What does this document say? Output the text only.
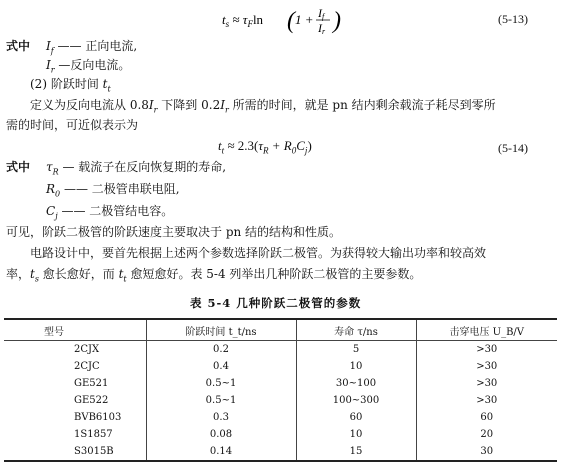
$t_s \approx \tau_F\ln$ ( 1 + If
Ir )	(5-13)
式中 $I_f$ —— 正向电流,
$I_r$ —反向电流。
(2) 阶跃时间 $t_t$
定义为反向电流从 $0.8I_r$ 下降到 $0.2I_r$ 所需的时间，就是 pn 结内剩余载流子耗尽到零所
需的时间，可近似表示为
$t_t \approx 2.3(\tau_R + R_0C_j)$	(5-14)
式中 $\tau_R$ — 载流子在反向恢复期的寿命,
$R_0$ —— 二极管串联电阻,
$C_j$ —— 二极管结电容。
可见，阶跃二极管的阶跃速度主要取决于 pn 结的结构和性质。
电路设计中，要首先根据上述两个参数选择阶跃二极管。为获得较大输出功率和较高效
率，$t_s$ 愈长愈好，而 $t_t$ 愈短愈好。表 5-4 列举出几种阶跃二极管的主要参数。
表 5-4 几种阶跃二极管的参数
型号	阶跃时间 t_t/ns	寿命 τ/ns	击穿电压 U_B/V
2CJX	0.2	5	>30
2CJC	0.4	10	>30
GE521	0.5~1	30~100	>30
GE522	0.5~1	100~300	>30
BVB6103	0.3	60	60
1S1857	0.08	10	20
S3015B	0.14	15	30
